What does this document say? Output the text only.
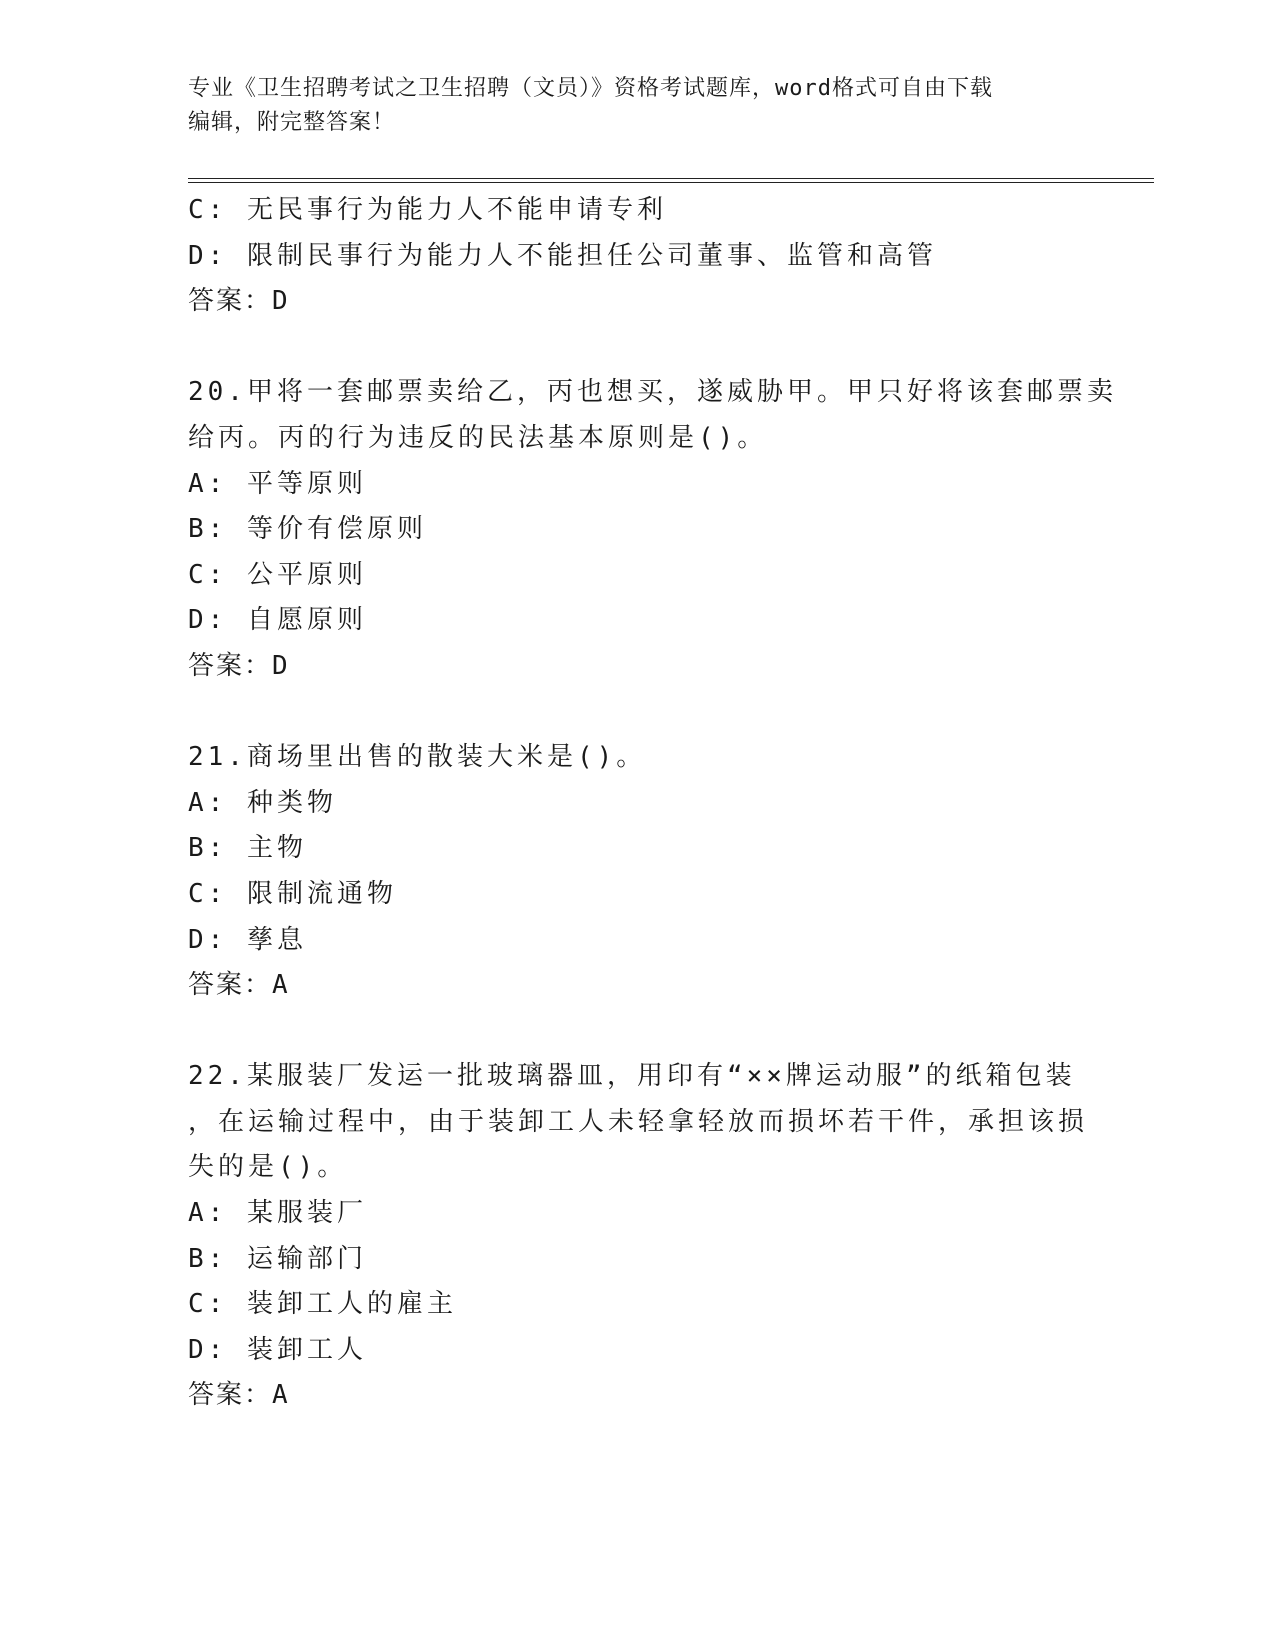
专业《卫生招聘考试之卫生招聘（文员）》资格考试题库，word格式可自由下载
编辑，附完整答案！
C: 无民事行为能力人不能申请专利
D: 限制民事行为能力人不能担任公司董事、监管和高管
答案：D
20.甲将一套邮票卖给乙，丙也想买，遂威胁甲。甲只好将该套邮票卖
给丙。丙的行为违反的民法基本原则是()。
A: 平等原则
B: 等价有偿原则
C: 公平原则
D: 自愿原则
答案：D
21.商场里出售的散装大米是()。
A: 种类物
B: 主物
C: 限制流通物
D: 孳息
答案：A
22.某服装厂发运一批玻璃器皿，用印有“××牌运动服”的纸箱包装
，在运输过程中，由于装卸工人未轻拿轻放而损坏若干件，承担该损
失的是()。
A: 某服装厂
B: 运输部门
C: 装卸工人的雇主
D: 装卸工人
答案：A
